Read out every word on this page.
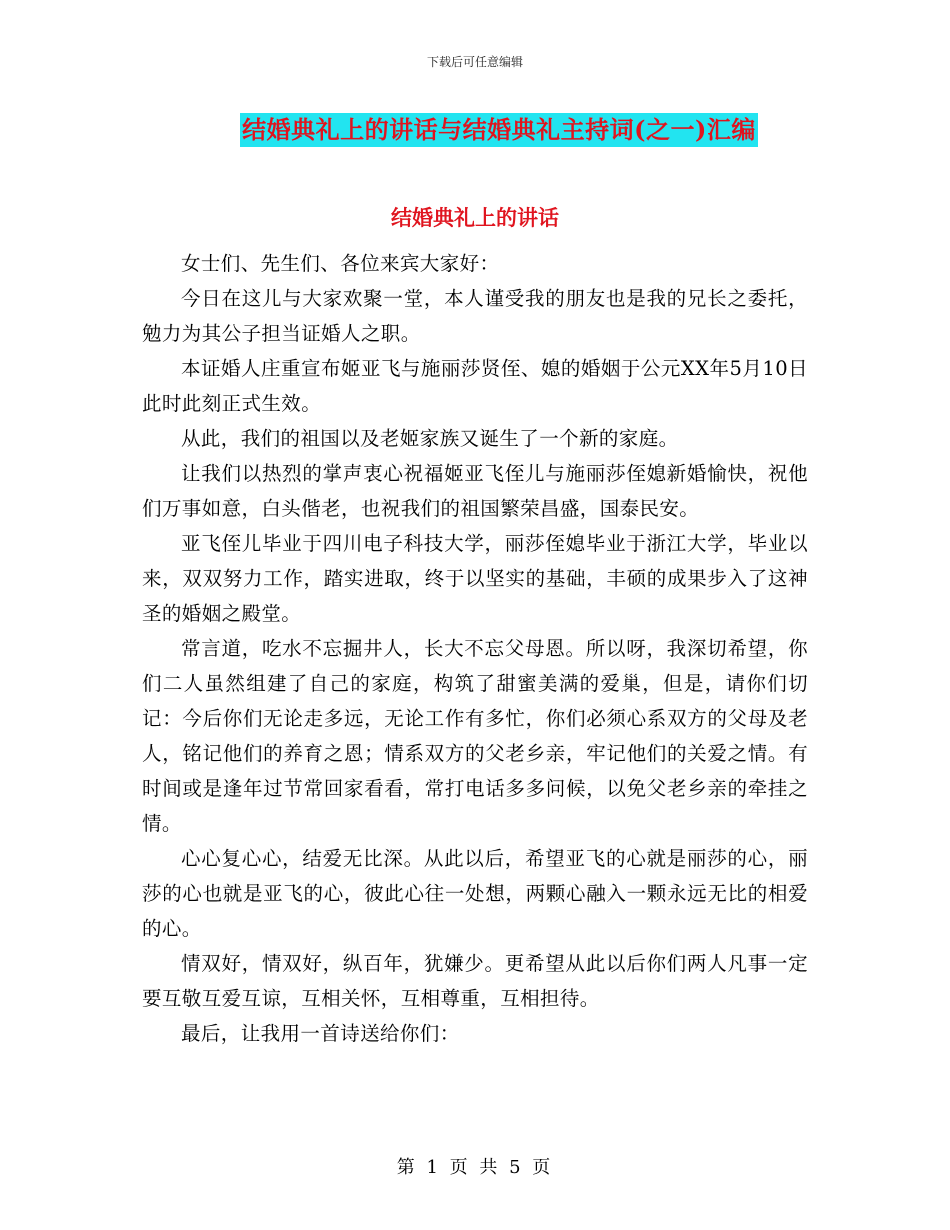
下载后可任意编辑
结婚典礼上的讲话与结婚典礼主持词(之一)汇编
结婚典礼上的讲话

女士们、先生们、各位来宾大家好：

今日在这儿与大家欢聚一堂，本人谨受我的朋友也是我的兄长之委托，勉力为其公子担当证婚人之职。

本证婚人庄重宣布姬亚飞与施丽莎贤侄、媳的婚姻于公元XX年5月10日此时此刻正式生效。

从此，我们的祖国以及老姬家族又诞生了一个新的家庭。

让我们以热烈的掌声衷心祝福姬亚飞侄儿与施丽莎侄媳新婚愉快，祝他们万事如意，白头偕老，也祝我们的祖国繁荣昌盛，国泰民安。

亚飞侄儿毕业于四川电子科技大学，丽莎侄媳毕业于浙江大学，毕业以来，双双努力工作，踏实进取，终于以坚实的基础，丰硕的成果步入了这神圣的婚姻之殿堂。

常言道，吃水不忘掘井人，长大不忘父母恩。所以呀，我深切希望，你们二人虽然组建了自己的家庭，构筑了甜蜜美满的爱巢，但是，请你们切记：今后你们无论走多远，无论工作有多忙，你们必须心系双方的父母及老人，铭记他们的养育之恩；情系双方的父老乡亲，牢记他们的关爱之情。有时间或是逢年过节常回家看看，常打电话多多问候，以免父老乡亲的牵挂之情。

心心复心心，结爱无比深。从此以后，希望亚飞的心就是丽莎的心，丽莎的心也就是亚飞的心，彼此心往一处想，两颗心融入一颗永远无比的相爱的心。

情双好，情双好，纵百年，犹嫌少。更希望从此以后你们两人凡事一定 要互敬互爱互谅，互相关怀，互相尊重，互相担待。

最后，让我用一首诗送给你们：

第 1 页 共 5 页
